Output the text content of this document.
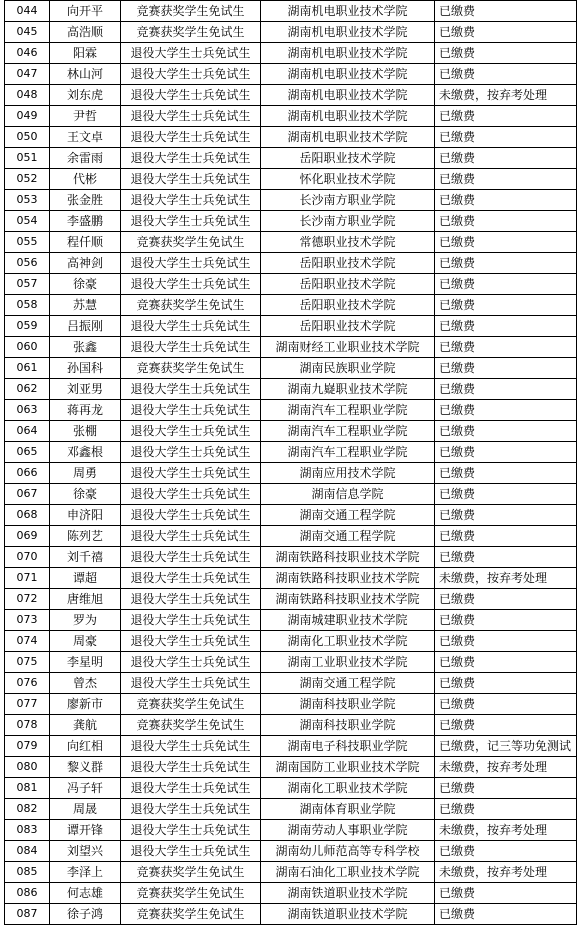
044	向开平	竞赛获奖学生免试生	湖南机电职业技术学院	已缴费
045	高浩顺	竞赛获奖学生免试生	湖南机电职业技术学院	已缴费
046	阳霖	退役大学生士兵免试生	湖南机电职业技术学院	已缴费
047	林山河	退役大学生士兵免试生	湖南机电职业技术学院	已缴费
048	刘东虎	退役大学生士兵免试生	湖南机电职业技术学院	未缴费，按弃考处理
049	尹哲	退役大学生士兵免试生	湖南机电职业技术学院	已缴费
050	王文卓	退役大学生士兵免试生	湖南机电职业技术学院	已缴费
051	余雷雨	退役大学生士兵免试生	岳阳职业技术学院	已缴费
052	代彬	退役大学生士兵免试生	怀化职业技术学院	已缴费
053	张金胜	退役大学生士兵免试生	长沙南方职业学院	已缴费
054	李盛鹏	退役大学生士兵免试生	长沙南方职业学院	已缴费
055	程仟顺	竞赛获奖学生免试生	常德职业技术学院	已缴费
056	高神剑	退役大学生士兵免试生	岳阳职业技术学院	已缴费
057	徐豪	退役大学生士兵免试生	岳阳职业技术学院	已缴费
058	苏慧	竞赛获奖学生免试生	岳阳职业技术学院	已缴费
059	吕振刚	退役大学生士兵免试生	岳阳职业技术学院	已缴费
060	张鑫	退役大学生士兵免试生	湖南财经工业职业技术学院	已缴费
061	孙国科	竞赛获奖学生免试生	湖南民族职业学院	已缴费
062	刘亚男	退役大学生士兵免试生	湖南九嶷职业技术学院	已缴费
063	蒋再龙	退役大学生士兵免试生	湖南汽车工程职业学院	已缴费
064	张棚	退役大学生士兵免试生	湖南汽车工程职业学院	已缴费
065	邓鑫根	退役大学生士兵免试生	湖南汽车工程职业学院	已缴费
066	周勇	退役大学生士兵免试生	湖南应用技术学院	已缴费
067	徐豪	退役大学生士兵免试生	湖南信息学院	已缴费
068	申济阳	退役大学生士兵免试生	湖南交通工程学院	已缴费
069	陈列艺	退役大学生士兵免试生	湖南交通工程学院	已缴费
070	刘千禧	退役大学生士兵免试生	湖南铁路科技职业技术学院	已缴费
071	谭超	退役大学生士兵免试生	湖南铁路科技职业技术学院	未缴费，按弃考处理
072	唐维旭	退役大学生士兵免试生	湖南铁路科技职业技术学院	已缴费
073	罗为	退役大学生士兵免试生	湖南城建职业技术学院	已缴费
074	周豪	退役大学生士兵免试生	湖南化工职业技术学院	已缴费
075	李星明	退役大学生士兵免试生	湖南工业职业技术学院	已缴费
076	曾杰	退役大学生士兵免试生	湖南交通工程学院	已缴费
077	廖新市	竞赛获奖学生免试生	湖南科技职业学院	已缴费
078	龚航	竞赛获奖学生免试生	湖南科技职业学院	已缴费
079	向红相	退役大学生士兵免试生	湖南电子科技职业学院	已缴费，记三等功免测试
080	黎义群	退役大学生士兵免试生	湖南国防工业职业技术学院	未缴费，按弃考处理
081	冯子轩	退役大学生士兵免试生	湖南化工职业技术学院	已缴费
082	周晟	退役大学生士兵免试生	湖南体育职业学院	已缴费
083	谭开锋	退役大学生士兵免试生	湖南劳动人事职业学院	未缴费，按弃考处理
084	刘望兴	退役大学生士兵免试生	湖南幼儿师范高等专科学校	已缴费
085	李泽上	竞赛获奖学生免试生	湖南石油化工职业技术学院	未缴费，按弃考处理
086	何志雄	竞赛获奖学生免试生	湖南铁道职业技术学院	已缴费
087	徐子鸿	竞赛获奖学生免试生	湖南铁道职业技术学院	已缴费
